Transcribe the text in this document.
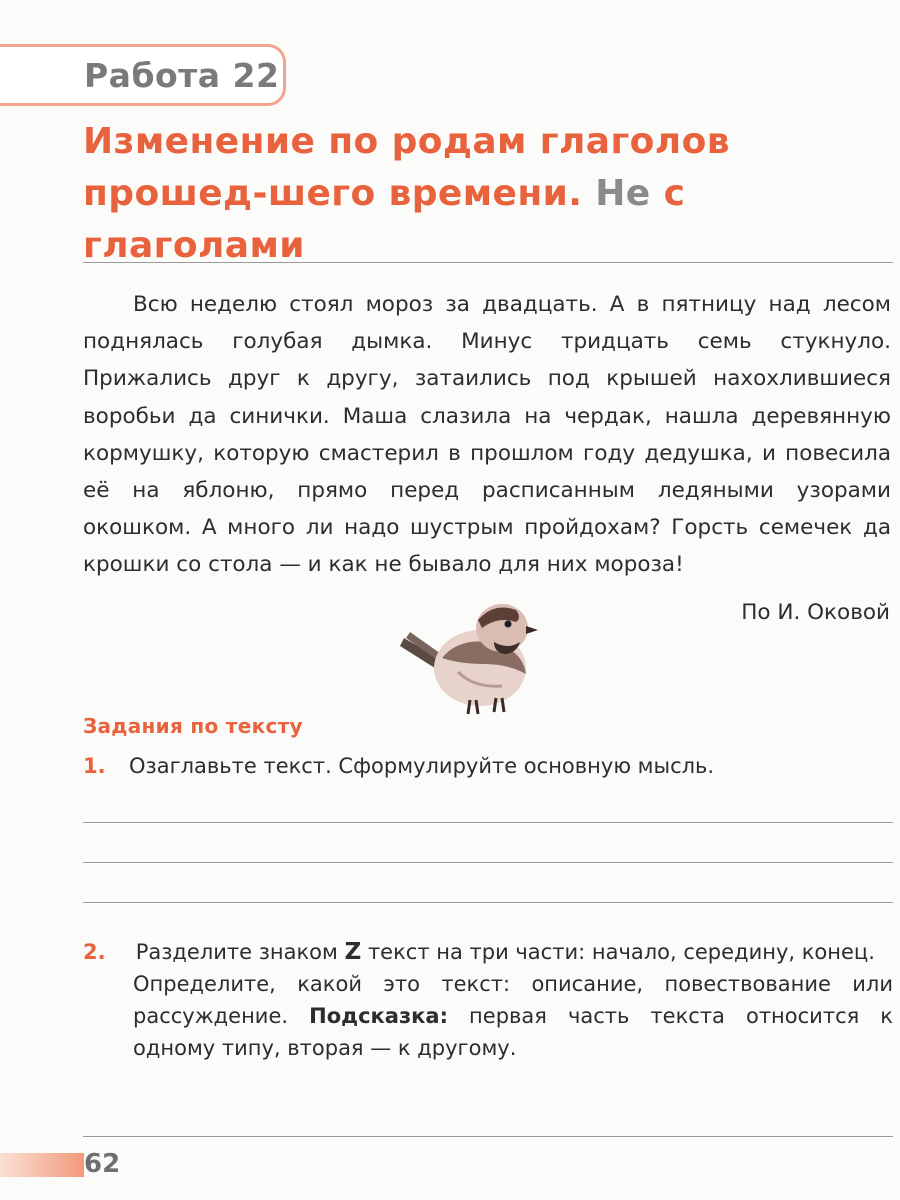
Работа 22
Изменение по родам глаголов прошед-шего времени. Не с глаголами

Всю неделю стоял мороз за двадцать. А в пятницу над лесом поднялась голубая дымка. Минус тридцать семь стукнуло. Прижались друг к другу, затаились под крышей нахохлившиеся воробьи да синички. Маша слазила на чердак, нашла деревянную кормушку, которую смастерил в прошлом году дедушка, и повесила её на яблоню, прямо перед расписанным ледяными узорами окошком. А много ли надо шустрым пройдохам? Горсть семечек да крошки со стола — и как не бывало для них мороза!

По И. Оковой
Задания по тексту
1. Озаглавьте текст. Сформулируйте основную мысль.
2. Разделите знаком Z текст на три части: начало, середину, конец.
Определите, какой это текст: описание, повествование или рассуждение. Подсказка: первая часть текста относится к одному типу, вторая — к другому.
62
